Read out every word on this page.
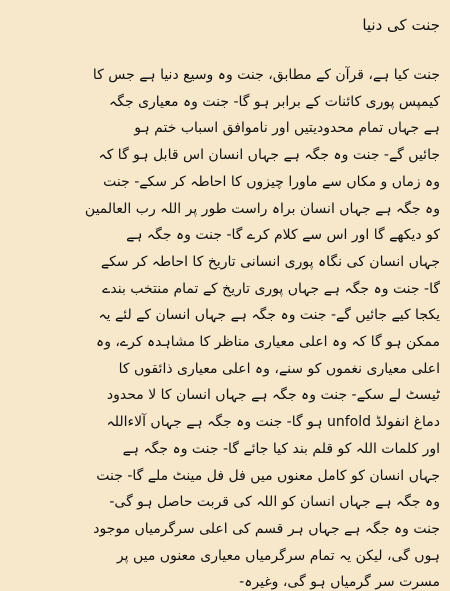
جنت کی دنیا
جنت کیا ہے، قرآن کے مطابق، جنت وہ وسیع دنیا ہے جس کا
کیمپس پوری کائنات کے برابر ہو گا- جنت وہ معیاری جگہ
ہے جہاں تمام محدودیتیں اور ناموافق اسباب ختم ہو
جائیں گے- جنت وہ جگہ ہے جہاں انسان اس قابل ہو گا کہ
وہ زماں و مکاں سے ماورا چیزوں کا احاطہ کر سکے- جنت
وہ جگہ ہے جہاں انسان براہ راست طور پر اللہ رب العالمین
کو دیکھے گا اور اس سے کلام کرے گا- جنت وہ جگہ ہے
جہاں انسان کی نگاہ پوری انسانی تاریخ کا احاطہ کر سکے
گا- جنت وہ جگہ ہے جہاں پوری تاریخ کے تمام منتخب بندے
یکجا کیے جائیں گے- جنت وہ جگہ ہے جہاں انسان کے لئے یہ
ممکن ہو گا کہ وہ اعلی معیاری مناظر کا مشاہدہ کرے، وہ
اعلی معیاری نغموں کو سنے، وہ اعلی معیاری ذائقوں کا
ٹیسٹ لے سکے- جنت وہ جگہ ہے جہاں انسان کا لا محدود
دماغ انفولڈ unfold ہو گا- جنت وہ جگہ ہے جہاں آلاءاللہ
اور کلمات اللہ کو قلم بند کیا جائے گا- جنت وہ جگہ ہے
جہاں انسان کو کامل معنوں میں فل فل مینٹ ملے گا- جنت
وہ جگہ ہے جہاں انسان کو اللہ کی قربت حاصل ہو گی-
جنت وہ جگہ ہے جہاں ہر قسم کی اعلی سرگرمیاں موجود
ہوں گی، لیکن یہ تمام سرگرمیاں معیاری معنوں میں پر
مسرت سر گرمیاں ہو گی، وغیرہ-
